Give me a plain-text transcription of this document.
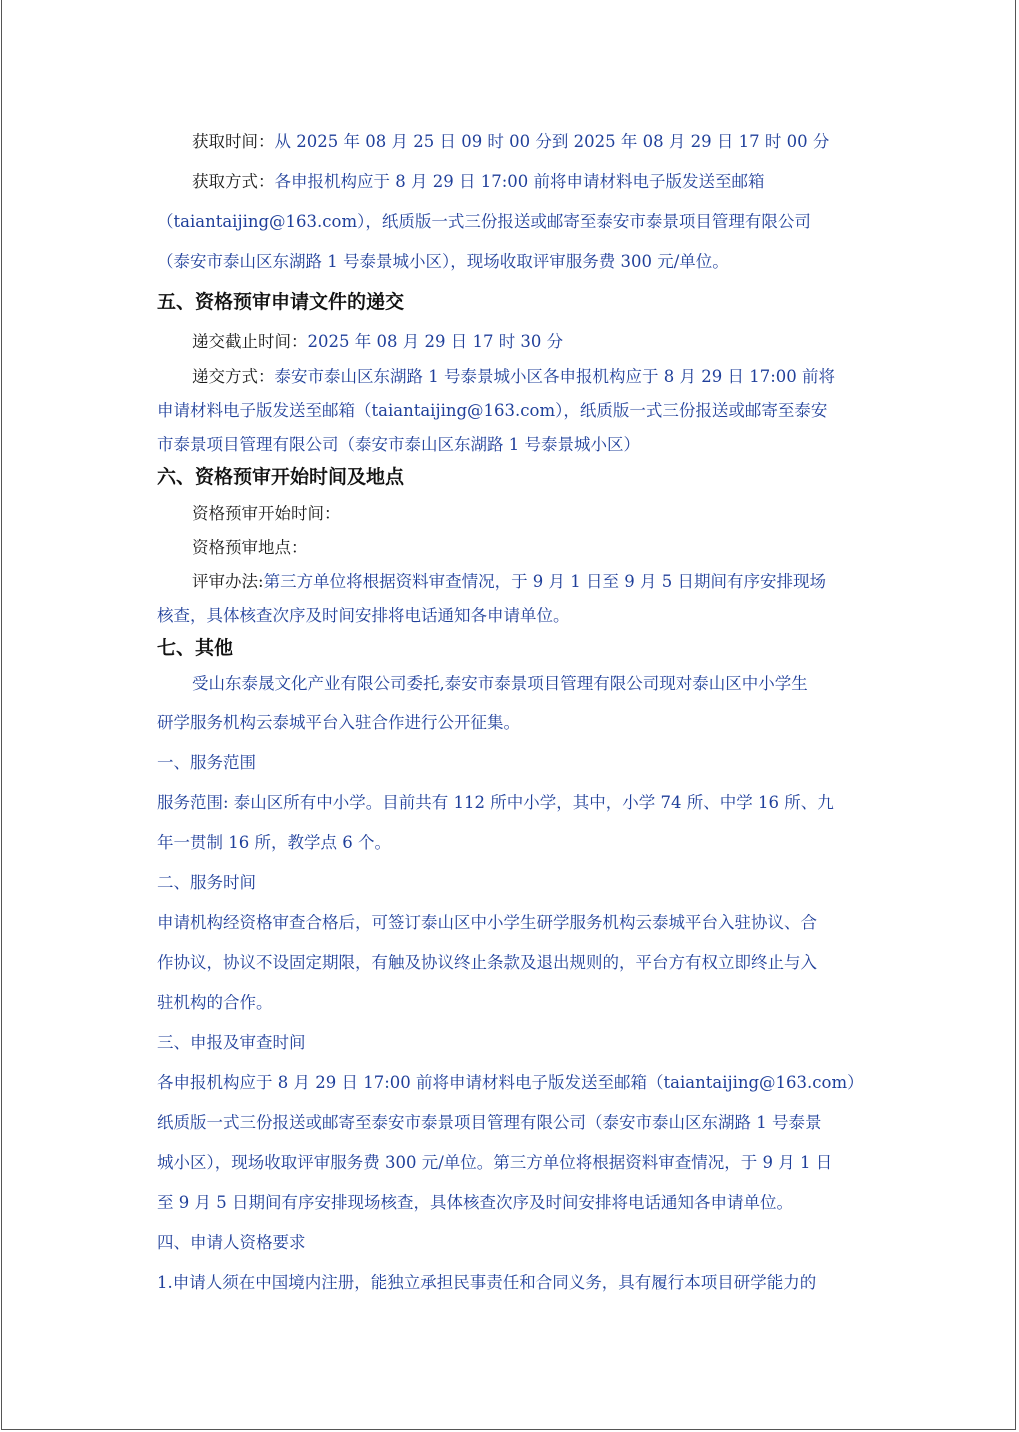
获取时间：从 2025 年 08 月 25 日 09 时 00 分到 2025 年 08 月 29 日 17 时 00 分
获取方式：各申报机构应于 8 月 29 日 17:00 前将申请材料电子版发送至邮箱
（taiantaijing@163.com），纸质版一式三份报送或邮寄至泰安市泰景项目管理有限公司
（泰安市泰山区东湖路 1 号泰景城小区），现场收取评审服务费 300 元/单位。
五、资格预审申请文件的递交
递交截止时间：2025 年 08 月 29 日 17 时 30 分
递交方式：泰安市泰山区东湖路 1 号泰景城小区各申报机构应于 8 月 29 日 17:00 前将
申请材料电子版发送至邮箱（taiantaijing@163.com），纸质版一式三份报送或邮寄至泰安
市泰景项目管理有限公司（泰安市泰山区东湖路 1 号泰景城小区）
六、资格预审开始时间及地点
资格预审开始时间：
资格预审地点：
评审办法:第三方单位将根据资料审查情况，于 9 月 1 日至 9 月 5 日期间有序安排现场
核查，具体核查次序及时间安排将电话通知各申请单位。
七、其他
受山东泰晟文化产业有限公司委托,泰安市泰景项目管理有限公司现对泰山区中小学生
研学服务机构云泰城平台入驻合作进行公开征集。
一、服务范围
服务范围: 泰山区所有中小学。目前共有 112 所中小学，其中，小学 74 所、中学 16 所、九
年一贯制 16 所，教学点 6 个。
二、服务时间
申请机构经资格审查合格后，可签订泰山区中小学生研学服务机构云泰城平台入驻协议、合
作协议，协议不设固定期限，有触及协议终止条款及退出规则的，平台方有权立即终止与入
驻机构的合作。
三、申报及审查时间
各申报机构应于 8 月 29 日 17:00 前将申请材料电子版发送至邮箱（taiantaijing@163.com）
纸质版一式三份报送或邮寄至泰安市泰景项目管理有限公司（泰安市泰山区东湖路 1 号泰景
城小区），现场收取评审服务费 300 元/单位。第三方单位将根据资料审查情况，于 9 月 1 日
至 9 月 5 日期间有序安排现场核查，具体核查次序及时间安排将电话通知各申请单位。
四、申请人资格要求
1.申请人须在中国境内注册，能独立承担民事责任和合同义务，具有履行本项目研学能力的
